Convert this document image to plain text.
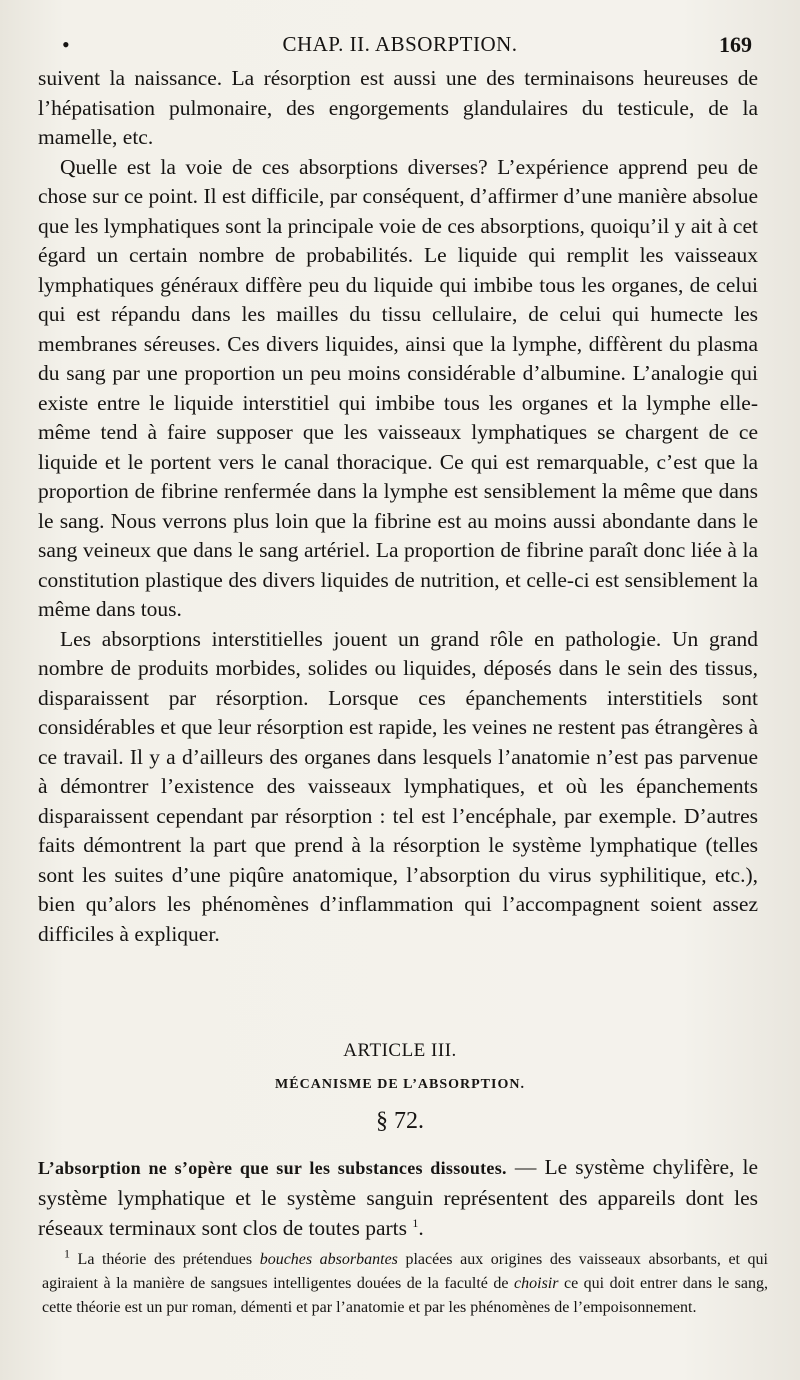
•	CHAP. II. ABSORPTION.	169

suivent la naissance. La résorption est aussi une des terminaisons heureuses de l’hépatisation pulmonaire, des engorgements glandulaires du testicule, de la mamelle, etc.

Quelle est la voie de ces absorptions diverses? L’expérience apprend peu de chose sur ce point. Il est difficile, par conséquent, d’affirmer d’une manière absolue que les lymphatiques sont la principale voie de ces absorptions, quoiqu’il y ait à cet égard un certain nombre de probabilités. Le liquide qui remplit les vaisseaux lymphatiques généraux diffère peu du liquide qui imbibe tous les organes, de celui qui est répandu dans les mailles du tissu cellulaire, de celui qui humecte les membranes séreuses. Ces divers liquides, ainsi que la lymphe, diffèrent du plasma du sang par une proportion un peu moins considérable d’albumine. L’analogie qui existe entre le liquide interstitiel qui imbibe tous les organes et la lymphe elle-même tend à faire supposer que les vaisseaux lymphatiques se chargent de ce liquide et le portent vers le canal thoracique. Ce qui est remarquable, c’est que la proportion de fibrine renfermée dans la lymphe est sensiblement la même que dans le sang. Nous verrons plus loin que la fibrine est au moins aussi abondante dans le sang veineux que dans le sang artériel. La proportion de fibrine paraît donc liée à la constitution plastique des divers liquides de nutrition, et celle-ci est sensiblement la même dans tous.

Les absorptions interstitielles jouent un grand rôle en pathologie. Un grand nombre de produits morbides, solides ou liquides, déposés dans le sein des tissus, disparaissent par résorption. Lorsque ces épanchements interstitiels sont considérables et que leur résorption est rapide, les veines ne restent pas étrangères à ce travail. Il y a d’ailleurs des organes dans lesquels l’anatomie n’est pas parvenue à démontrer l’existence des vaisseaux lymphatiques, et où les épanchements disparaissent cependant par résorption : tel est l’encéphale, par exemple. D’autres faits démontrent la part que prend à la résorption le système lymphatique (telles sont les suites d’une piqûre anatomique, l’absorption du virus syphilitique, etc.), bien qu’alors les phénomènes d’inflammation qui l’accompagnent soient assez difficiles à expliquer.

ARTICLE III.
MÉCANISME DE L’ABSORPTION.
§ 72.
L’absorption ne s’opère que sur les substances dissoutes. — Le système chylifère, le système lymphatique et le système sanguin représentent des appareils dont les réseaux terminaux sont clos de toutes parts $^1$.

$^1$ La théorie des prétendues bouches absorbantes placées aux origines des vaisseaux absorbants, et qui agiraient à la manière de sangsues intelligentes douées de la faculté de choisir ce qui doit entrer dans le sang, cette théorie est un pur roman, démenti et par l’anatomie et par les phénomènes de l’empoisonnement.
